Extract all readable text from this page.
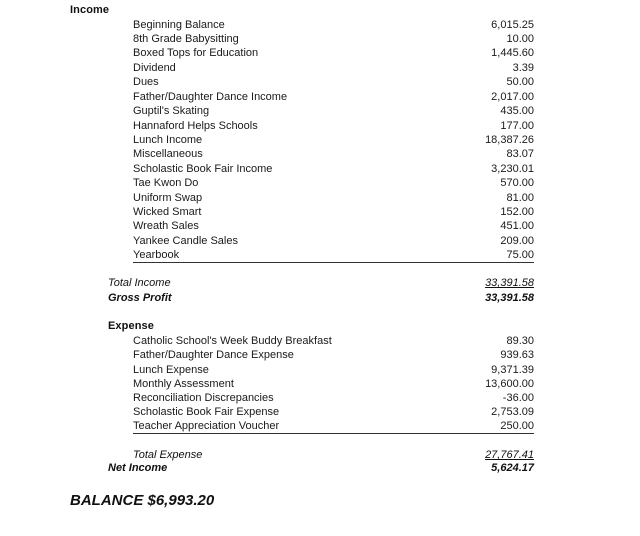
Income
Beginning Balance	6,015.25
8th Grade Babysitting	10.00
Boxed Tops for Education	1,445.60
Dividend	3.39
Dues	50.00
Father/Daughter Dance Income	2,017.00
Guptil's Skating	435.00
Hannaford Helps Schools	177.00
Lunch Income	18,387.26
Miscellaneous	83.07
Scholastic Book Fair Income	3,230.01
Tae Kwon Do	570.00
Uniform Swap	81.00
Wicked Smart	152.00
Wreath Sales	451.00
Yankee Candle Sales	209.00
Yearbook	75.00
Total Income	33,391.58
Gross Profit	33,391.58
Expense
Catholic School's Week Buddy Breakfast	89.30
Father/Daughter Dance Expense	939.63
Lunch Expense	9,371.39
Monthly Assessment	13,600.00
Reconciliation Discrepancies	-36.00
Scholastic Book Fair Expense	2,753.09
Teacher Appreciation Voucher	250.00
Total Expense	27,767.41
Net Income	5,624.17
BALANCE $6,993.20
